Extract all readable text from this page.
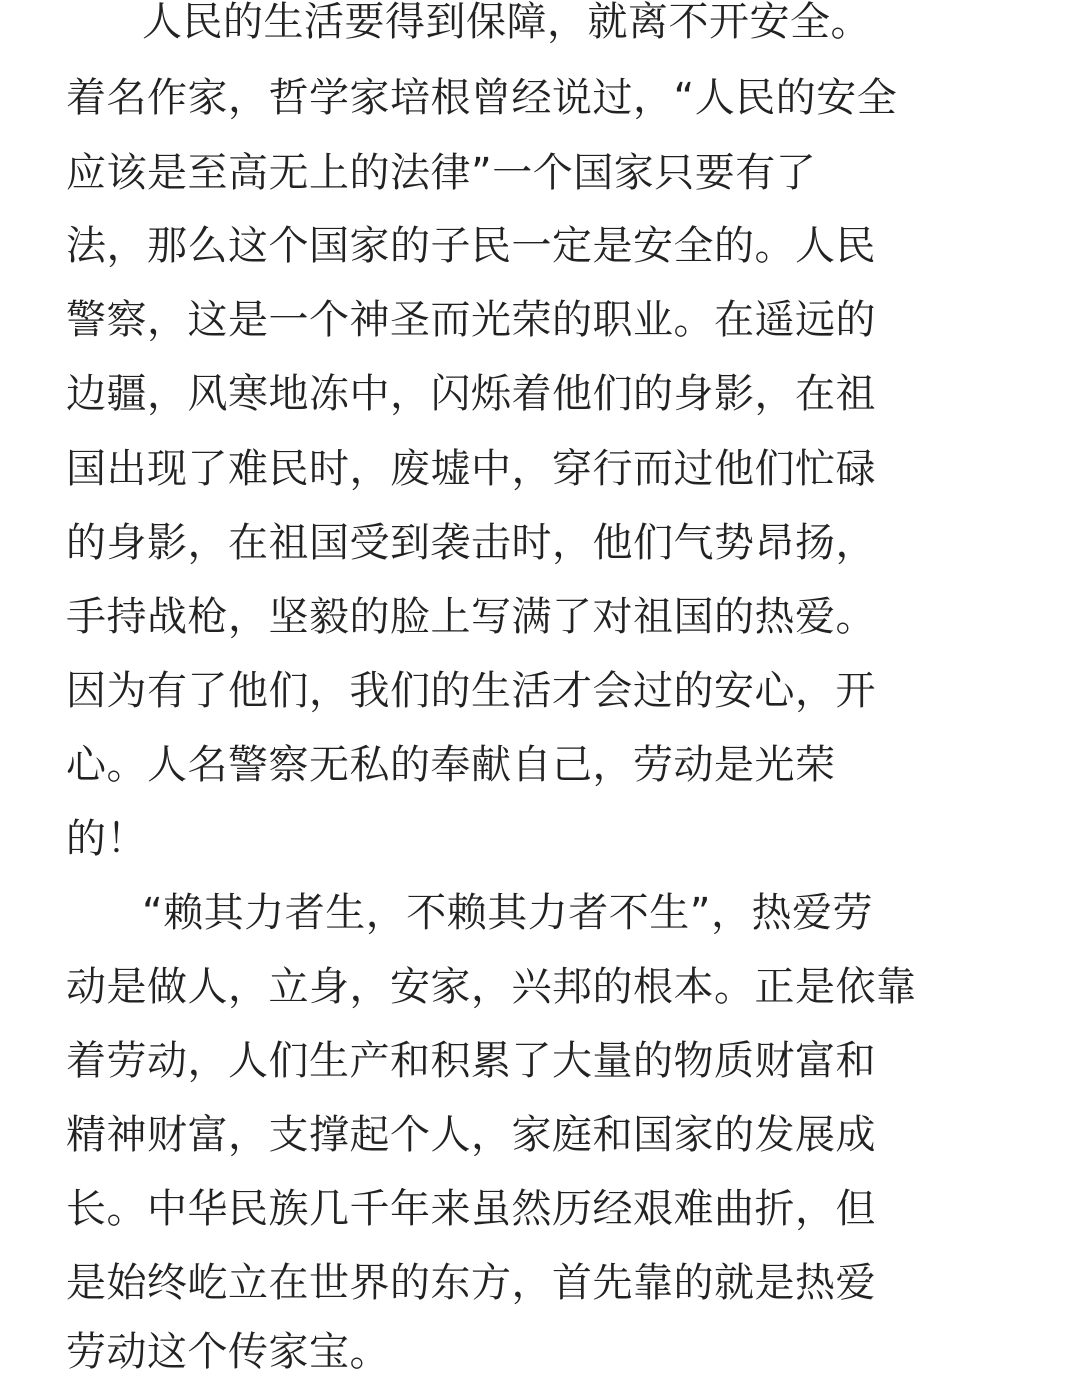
人民的生活要得到保障，就离不开安全。
着名作家，哲学家培根曾经说过，“人民的安全
应该是至高无上的法律”一个国家只要有了
法，那么这个国家的子民一定是安全的。人民
警察，这是一个神圣而光荣的职业。在遥远的
边疆，风寒地冻中，闪烁着他们的身影，在祖
国出现了难民时，废墟中，穿行而过他们忙碌
的身影，在祖国受到袭击时，他们气势昂扬，
手持战枪，坚毅的脸上写满了对祖国的热爱。
因为有了他们，我们的生活才会过的安心，开
心。人名警察无私的奉献自己，劳动是光荣
的！
“赖其力者生，不赖其力者不生”，热爱劳
动是做人，立身，安家，兴邦的根本。正是依靠
着劳动，人们生产和积累了大量的物质财富和
精神财富，支撑起个人，家庭和国家的发展成
长。中华民族几千年来虽然历经艰难曲折，但
是始终屹立在世界的东方，首先靠的就是热爱
劳动这个传家宝。
